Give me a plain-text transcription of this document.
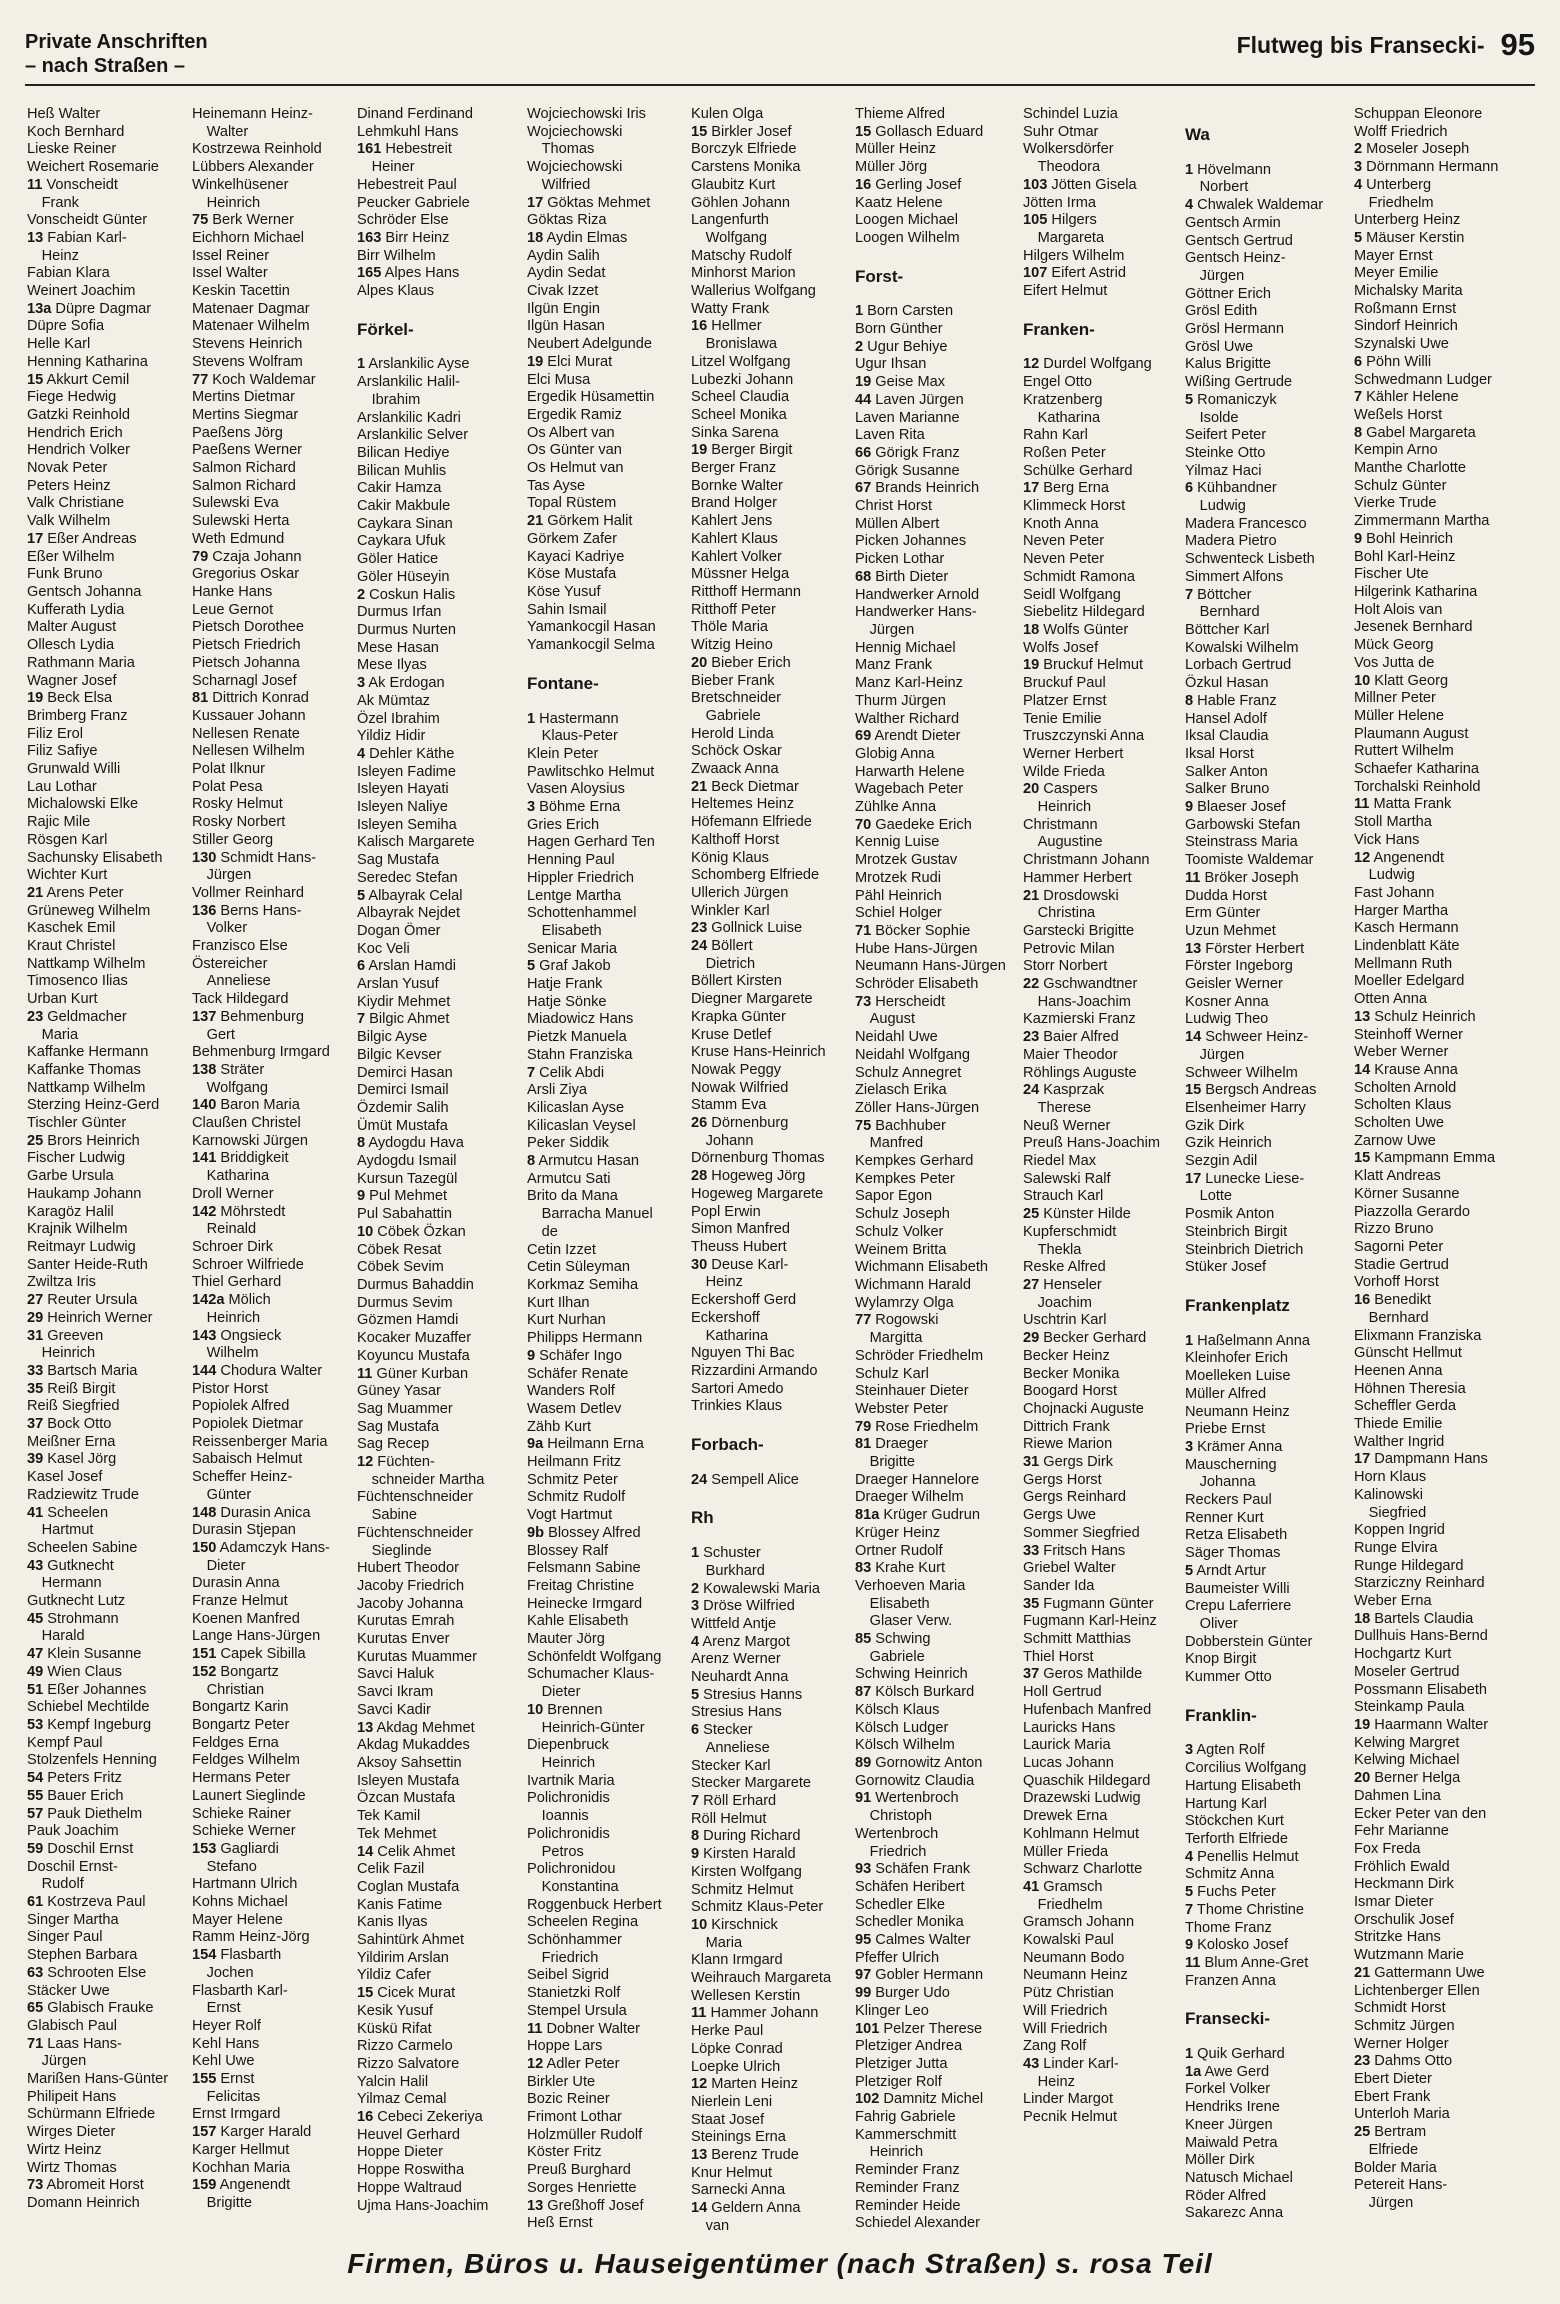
Private Anschriften
– nach Straßen –
Flutweg bis Fransecki- 95
Heß Walter
Koch Bernhard
Lieske Reiner
Weichert Rosemarie
11 Vonscheidt
 Frank
Vonscheidt Günter
13 Fabian Karl-
 Heinz
Fabian Klara
Weinert Joachim
13a Düpre Dagmar
Düpre Sofia
Helle Karl
Henning Katharina
15 Akkurt Cemil
Fiege Hedwig
Gatzki Reinhold
Hendrich Erich
Hendrich Volker
Novak Peter
Peters Heinz
Valk Christiane
Valk Wilhelm
17 Eßer Andreas
Eßer Wilhelm
Funk Bruno
Gentsch Johanna
Kufferath Lydia
Malter August
Ollesch Lydia
Rathmann Maria
Wagner Josef
19 Beck Elsa
Brimberg Franz
Filiz Erol
Filiz Safiye
Grunwald Willi
Lau Lothar
Michalowski Elke
Rajic Mile
Rösgen Karl
Sachunsky Elisabeth
Wichter Kurt
21 Arens Peter
Grüneweg Wilhelm
Kaschek Emil
Kraut Christel
Nattkamp Wilhelm
Timosenco Ilias
Urban Kurt
23 Geldmacher
 Maria
Kaffanke Hermann
Kaffanke Thomas
Nattkamp Wilhelm
Sterzing Heinz-Gerd
Tischler Günter
25 Brors Heinrich
Fischer Ludwig
Garbe Ursula
Haukamp Johann
Karagöz Halil
Krajnik Wilhelm
Reitmayr Ludwig
Santer Heide-Ruth
Zwiltza Iris
27 Reuter Ursula
29 Heinrich Werner
31 Greeven
 Heinrich
33 Bartsch Maria
35 Reiß Birgit
Reiß Siegfried
37 Bock Otto
Meißner Erna
39 Kasel Jörg
Kasel Josef
Radziewitz Trude
41 Scheelen
 Hartmut
Scheelen Sabine
43 Gutknecht
 Hermann
Gutknecht Lutz
45 Strohmann
 Harald
47 Klein Susanne
49 Wien Claus
51 Eßer Johannes
Schiebel Mechtilde
53 Kempf Ingeburg
Kempf Paul
Stolzenfels Henning
54 Peters Fritz
55 Bauer Erich
57 Pauk Diethelm
Pauk Joachim
59 Doschil Ernst
Doschil Ernst-
 Rudolf
61 Kostrzeva Paul
Singer Martha
Singer Paul
Stephen Barbara
63 Schrooten Else
Stäcker Uwe
65 Glabisch Frauke
Glabisch Paul
71 Laas Hans-
 Jürgen
Marißen Hans-Günter
Philipeit Hans
Schürmann Elfriede
Wirges Dieter
Wirtz Heinz
Wirtz Thomas
73 Abromeit Horst
Domann Heinrich
Heinemann Heinz-
 Walter
Kostrzewa Reinhold
Lübbers Alexander
Winkelhüsener
 Heinrich
75 Berk Werner
Eichhorn Michael
Issel Reiner
Issel Walter
Keskin Tacettin
Matenaer Dagmar
Matenaer Wilhelm
Stevens Heinrich
Stevens Wolfram
77 Koch Waldemar
Mertins Dietmar
Mertins Siegmar
Paeßens Jörg
Paeßens Werner
Salmon Richard
Salmon Richard
Sulewski Eva
Sulewski Herta
Weth Edmund
79 Czaja Johann
Gregorius Oskar
Hanke Hans
Leue Gernot
Pietsch Dorothee
Pietsch Friedrich
Pietsch Johanna
Scharnagl Josef
81 Dittrich Konrad
Kussauer Johann
Nellesen Renate
Nellesen Wilhelm
Polat Ilknur
Polat Pesa
Rosky Helmut
Rosky Norbert
Stiller Georg
130 Schmidt Hans-
 Jürgen
Vollmer Reinhard
136 Berns Hans-
 Volker
Franzisco Else
Östereicher
 Anneliese
Tack Hildegard
137 Behmenburg
 Gert
Behmenburg Irmgard
138 Sträter
 Wolfgang
140 Baron Maria
Claußen Christel
Karnowski Jürgen
141 Briddigkeit
 Katharina
Droll Werner
142 Möhrstedt
 Reinald
Schroer Dirk
Schroer Wilfriede
Thiel Gerhard
142a Mölich
 Heinrich
143 Ongsieck
 Wilhelm
144 Chodura Walter
Pistor Horst
Popiolek Alfred
Popiolek Dietmar
Reissenberger Maria
Sabaisch Helmut
Scheffer Heinz-
 Günter
148 Durasin Anica
Durasin Stjepan
150 Adamczyk Hans-
 Dieter
Durasin Anna
Franze Helmut
Koenen Manfred
Lange Hans-Jürgen
151 Capek Sibilla
152 Bongartz
 Christian
Bongartz Karin
Bongartz Peter
Feldges Erna
Feldges Wilhelm
Hermans Peter
Launert Sieglinde
Schieke Rainer
Schieke Werner
153 Gagliardi
 Stefano
Hartmann Ulrich
Kohns Michael
Mayer Helene
Ramm Heinz-Jörg
154 Flasbarth
 Jochen
Flasbarth Karl-
 Ernst
Heyer Rolf
Kehl Hans
Kehl Uwe
155 Ernst
 Felicitas
Ernst Irmgard
157 Karger Harald
Karger Hellmut
Kochhan Maria
159 Angenendt
 Brigitte
Dinand Ferdinand
Lehmkuhl Hans
161 Hebestreit
 Heiner
Hebestreit Paul
Peucker Gabriele
Schröder Else
163 Birr Heinz
Birr Wilhelm
165 Alpes Hans
Alpes Klaus
Förkel-
1 Arslankilic Ayse
Arslankilic Halil-
 Ibrahim
Arslankilic Kadri
Arslankilic Selver
Bilican Hediye
Bilican Muhlis
Cakir Hamza
Cakir Makbule
Caykara Sinan
Caykara Ufuk
Göler Hatice
Göler Hüseyin
2 Coskun Halis
Durmus Irfan
Durmus Nurten
Mese Hasan
Mese Ilyas
3 Ak Erdogan
Ak Mümtaz
Özel Ibrahim
Yildiz Hidir
4 Dehler Käthe
Isleyen Fadime
Isleyen Hayati
Isleyen Naliye
Isleyen Semiha
Kalisch Margarete
Sag Mustafa
Seredec Stefan
5 Albayrak Celal
Albayrak Nejdet
Dogan Ömer
Koc Veli
6 Arslan Hamdi
Arslan Yusuf
Kiydir Mehmet
7 Bilgic Ahmet
Bilgic Ayse
Bilgic Kevser
Demirci Hasan
Demirci Ismail
Özdemir Salih
Ümüt Mustafa
8 Aydogdu Hava
Aydogdu Ismail
Kursun Tazegül
9 Pul Mehmet
Pul Sabahattin
10 Cöbek Özkan
Cöbek Resat
Cöbek Sevim
Durmus Bahaddin
Durmus Sevim
Gözmen Hamdi
Kocaker Muzaffer
Koyuncu Mustafa
11 Güner Kurban
Güney Yasar
Sag Muammer
Sag Mustafa
Sag Recep
12 Füchten-
 schneider Martha
Füchtenschneider
 Sabine
Füchtenschneider
 Sieglinde
Hubert Theodor
Jacoby Friedrich
Jacoby Johanna
Kurutas Emrah
Kurutas Enver
Kurutas Muammer
Savci Haluk
Savci Ikram
Savci Kadir
13 Akdag Mehmet
Akdag Mukaddes
Aksoy Sahsettin
Isleyen Mustafa
Özcan Mustafa
Tek Kamil
Tek Mehmet
14 Celik Ahmet
Celik Fazil
Coglan Mustafa
Kanis Fatime
Kanis Ilyas
Sahintürk Ahmet
Yildirim Arslan
Yildiz Cafer
15 Cicek Murat
Kesik Yusuf
Küskü Rifat
Rizzo Carmelo
Rizzo Salvatore
Yalcin Halil
Yilmaz Cemal
16 Cebeci Zekeriya
Heuvel Gerhard
Hoppe Dieter
Hoppe Roswitha
Hoppe Waltraud
Ujma Hans-Joachim
Wojciechowski Iris
Wojciechowski
 Thomas
Wojciechowski
 Wilfried
17 Göktas Mehmet
Göktas Riza
18 Aydin Elmas
Aydin Salih
Aydin Sedat
Civak Izzet
Ilgün Engin
Ilgün Hasan
Neubert Adelgunde
19 Elci Murat
Elci Musa
Ergedik Hüsamettin
Ergedik Ramiz
Os Albert van
Os Günter van
Os Helmut van
Tas Ayse
Topal Rüstem
21 Görkem Halit
Görkem Zafer
Kayaci Kadriye
Köse Mustafa
Köse Yusuf
Sahin Ismail
Yamankocgil Hasan
Yamankocgil Selma
Fontane-
1 Hastermann
 Klaus-Peter
Klein Peter
Pawlitschko Helmut
Vasen Aloysius
3 Böhme Erna
Gries Erich
Hagen Gerhard Ten
Henning Paul
Hippler Friedrich
Lentge Martha
Schottenhammel
 Elisabeth
Senicar Maria
5 Graf Jakob
Hatje Frank
Hatje Sönke
Miadowicz Hans
Pietzk Manuela
Stahn Franziska
7 Celik Abdi
Arsli Ziya
Kilicaslan Ayse
Kilicaslan Veysel
Peker Siddik
8 Armutcu Hasan
Armutcu Sati
Brito da Mana
 Barracha Manuel
 de
Cetin Izzet
Cetin Süleyman
Korkmaz Semiha
Kurt Ilhan
Kurt Nurhan
Philipps Hermann
9 Schäfer Ingo
Schäfer Renate
Wanders Rolf
Wasem Detlev
Zähb Kurt
9a Heilmann Erna
Heilmann Fritz
Schmitz Peter
Schmitz Rudolf
Vogt Hartmut
9b Blossey Alfred
Blossey Ralf
Felsmann Sabine
Freitag Christine
Heinecke Irmgard
Kahle Elisabeth
Mauter Jörg
Schönfeldt Wolfgang
Schumacher Klaus-
 Dieter
10 Brennen
 Heinrich-Günter
Diepenbruck
 Heinrich
Ivartnik Maria
Polichronidis
 Ioannis
Polichronidis
 Petros
Polichronidou
 Konstantina
Roggenbuck Herbert
Scheelen Regina
Schönhammer
 Friedrich
Seibel Sigrid
Stanietzki Rolf
Stempel Ursula
11 Dobner Walter
Hoppe Lars
12 Adler Peter
Birkler Ute
Bozic Reiner
Frimont Lothar
Holzmüller Rudolf
Köster Fritz
Preuß Burghard
Sorges Henriette
13 Greßhoff Josef
Heß Ernst
Kulen Olga
15 Birkler Josef
Borczyk Elfriede
Carstens Monika
Glaubitz Kurt
Göhlen Johann
Langenfurth
 Wolfgang
Matschy Rudolf
Minhorst Marion
Wallerius Wolfgang
Watty Frank
16 Hellmer
 Bronislawa
Litzel Wolfgang
Lubezki Johann
Scheel Claudia
Scheel Monika
Sinka Sarena
19 Berger Birgit
Berger Franz
Bornke Walter
Brand Holger
Kahlert Jens
Kahlert Klaus
Kahlert Volker
Müssner Helga
Ritthoff Hermann
Ritthoff Peter
Thöle Maria
Witzig Heino
20 Bieber Erich
Bieber Frank
Bretschneider
 Gabriele
Herold Linda
Schöck Oskar
Zwaack Anna
21 Beck Dietmar
Heltemes Heinz
Höfemann Elfriede
Kalthoff Horst
König Klaus
Schomberg Elfriede
Ullerich Jürgen
Winkler Karl
23 Gollnick Luise
24 Böllert
 Dietrich
Böllert Kirsten
Diegner Margarete
Krapka Günter
Kruse Detlef
Kruse Hans-Heinrich
Nowak Peggy
Nowak Wilfried
Stamm Eva
26 Dörnenburg
 Johann
Dörnenburg Thomas
28 Hogeweg Jörg
Hogeweg Margarete
Popl Erwin
Simon Manfred
Theuss Hubert
30 Deuse Karl-
 Heinz
Eckershoff Gerd
Eckershoff
 Katharina
Nguyen Thi Bac
Rizzardini Armando
Sartori Amedo
Trinkies Klaus
Forbach-
24 Sempell Alice
Rh
1 Schuster
 Burkhard
2 Kowalewski Maria
3 Dröse Wilfried
Wittfeld Antje
4 Arenz Margot
Arenz Werner
Neuhardt Anna
5 Stresius Hanns
Stresius Hans
6 Stecker
 Anneliese
Stecker Karl
Stecker Margarete
7 Röll Erhard
Röll Helmut
8 During Richard
9 Kirsten Harald
Kirsten Wolfgang
Schmitz Helmut
Schmitz Klaus-Peter
10 Kirschnick
 Maria
Klann Irmgard
Weihrauch Margareta
Wellesen Kerstin
11 Hammer Johann
Herke Paul
Löpke Conrad
Loepke Ulrich
12 Marten Heinz
Nierlein Leni
Staat Josef
Steinings Erna
13 Berenz Trude
Knur Helmut
Sarnecki Anna
14 Geldern Anna
 van
Thieme Alfred
15 Gollasch Eduard
Müller Heinz
Müller Jörg
16 Gerling Josef
Kaatz Helene
Loogen Michael
Loogen Wilhelm
Forst-
1 Born Carsten
Born Günther
2 Ugur Behiye
Ugur Ihsan
19 Geise Max
44 Laven Jürgen
Laven Marianne
Laven Rita
66 Görigk Franz
Görigk Susanne
67 Brands Heinrich
Christ Horst
Müllen Albert
Picken Johannes
Picken Lothar
68 Birth Dieter
Handwerker Arnold
Handwerker Hans-
 Jürgen
Hennig Michael
Manz Frank
Manz Karl-Heinz
Thurm Jürgen
Walther Richard
69 Arendt Dieter
Globig Anna
Harwarth Helene
Wagebach Peter
Zühlke Anna
70 Gaedeke Erich
Kennig Luise
Mrotzek Gustav
Mrotzek Rudi
Pähl Heinrich
Schiel Holger
71 Böcker Sophie
Hube Hans-Jürgen
Neumann Hans-Jürgen
Schröder Elisabeth
73 Herscheidt
 August
Neidahl Uwe
Neidahl Wolfgang
Schulz Annegret
Zielasch Erika
Zöller Hans-Jürgen
75 Bachhuber
 Manfred
Kempkes Gerhard
Kempkes Peter
Sapor Egon
Schulz Joseph
Schulz Volker
Weinem Britta
Wichmann Elisabeth
Wichmann Harald
Wylamrzy Olga
77 Rogowski
 Margitta
Schröder Friedhelm
Schulz Karl
Steinhauer Dieter
Webster Peter
79 Rose Friedhelm
81 Draeger
 Brigitte
Draeger Hannelore
Draeger Wilhelm
81a Krüger Gudrun
Krüger Heinz
Ortner Rudolf
83 Krahe Kurt
Verhoeven Maria
 Elisabeth
 Glaser Verw.
85 Schwing
 Gabriele
Schwing Heinrich
87 Kölsch Burkard
Kölsch Klaus
Kölsch Ludger
Kölsch Wilhelm
89 Gornowitz Anton
Gornowitz Claudia
91 Wertenbroch
 Christoph
Wertenbroch
 Friedrich
93 Schäfen Frank
Schäfen Heribert
Schedler Elke
Schedler Monika
95 Calmes Walter
Pfeffer Ulrich
97 Gobler Hermann
99 Burger Udo
Klinger Leo
101 Pelzer Therese
Pletziger Andrea
Pletziger Jutta
Pletziger Rolf
102 Damnitz Michel
Fahrig Gabriele
Kammerschmitt
 Heinrich
Reminder Franz
Reminder Franz
Reminder Heide
Schiedel Alexander
Schindel Luzia
Suhr Otmar
Wolkersdörfer
 Theodora
103 Jötten Gisela
Jötten Irma
105 Hilgers
 Margareta
Hilgers Wilhelm
107 Eifert Astrid
Eifert Helmut
Franken-
12 Durdel Wolfgang
Engel Otto
Kratzenberg
 Katharina
Rahn Karl
Roßen Peter
Schülke Gerhard
17 Berg Erna
Klimmeck Horst
Knoth Anna
Neven Peter
Neven Peter
Schmidt Ramona
Seidl Wolfgang
Siebelitz Hildegard
18 Wolfs Günter
Wolfs Josef
19 Bruckuf Helmut
Bruckuf Paul
Platzer Ernst
Tenie Emilie
Truszczynski Anna
Werner Herbert
Wilde Frieda
20 Caspers
 Heinrich
Christmann
 Augustine
Christmann Johann
Hammer Herbert
21 Drosdowski
 Christina
Garstecki Brigitte
Petrovic Milan
Storr Norbert
22 Gschwandtner
 Hans-Joachim
Kazmierski Franz
23 Baier Alfred
Maier Theodor
Röhlings Auguste
24 Kasprzak
 Therese
Neuß Werner
Preuß Hans-Joachim
Riedel Max
Salewski Ralf
Strauch Karl
25 Künster Hilde
Kupferschmidt
 Thekla
Reske Alfred
27 Henseler
 Joachim
Uschtrin Karl
29 Becker Gerhard
Becker Heinz
Becker Monika
Boogard Horst
Chojnacki Auguste
Dittrich Frank
Riewe Marion
31 Gergs Dirk
Gergs Horst
Gergs Reinhard
Gergs Uwe
Sommer Siegfried
33 Fritsch Hans
Griebel Walter
Sander Ida
35 Fugmann Günter
Fugmann Karl-Heinz
Schmitt Matthias
Thiel Horst
37 Geros Mathilde
Holl Gertrud
Hufenbach Manfred
Lauricks Hans
Laurick Maria
Lucas Johann
Quaschik Hildegard
Drazewski Ludwig
Drewek Erna
Kohlmann Helmut
Müller Frieda
Schwarz Charlotte
41 Gramsch
 Friedhelm
Gramsch Johann
Kowalski Paul
Neumann Bodo
Neumann Heinz
Pütz Christian
Will Friedrich
Will Friedrich
Zang Rolf
43 Linder Karl-
 Heinz
Linder Margot
Pecnik Helmut
Wa
1 Hövelmann
 Norbert
4 Chwalek Waldemar
Gentsch Armin
Gentsch Gertrud
Gentsch Heinz-
 Jürgen
Göttner Erich
Grösl Edith
Grösl Hermann
Grösl Uwe
Kalus Brigitte
Wißing Gertrude
5 Romaniczyk
 Isolde
Seifert Peter
Steinke Otto
Yilmaz Haci
6 Kühbandner
 Ludwig
Madera Francesco
Madera Pietro
Schwenteck Lisbeth
Simmert Alfons
7 Böttcher
 Bernhard
Böttcher Karl
Kowalski Wilhelm
Lorbach Gertrud
Özkul Hasan
8 Hable Franz
Hansel Adolf
Iksal Claudia
Iksal Horst
Salker Anton
Salker Bruno
9 Blaeser Josef
Garbowski Stefan
Steinstrass Maria
Toomiste Waldemar
11 Bröker Joseph
Dudda Horst
Erm Günter
Uzun Mehmet
13 Förster Herbert
Förster Ingeborg
Geisler Werner
Kosner Anna
Ludwig Theo
14 Schweer Heinz-
 Jürgen
Schweer Wilhelm
15 Bergsch Andreas
Elsenheimer Harry
Gzik Dirk
Gzik Heinrich
Sezgin Adil
17 Lunecke Liese-
 Lotte
Posmik Anton
Steinbrich Birgit
Steinbrich Dietrich
Stüker Josef
Frankenplatz
1 Haßelmann Anna
Kleinhofer Erich
Moelleken Luise
Müller Alfred
Neumann Heinz
Priebe Ernst
3 Krämer Anna
Mauscherning
 Johanna
Reckers Paul
Renner Kurt
Retza Elisabeth
Säger Thomas
5 Arndt Artur
Baumeister Willi
Crepu Laferriere
 Oliver
Dobberstein Günter
Knop Birgit
Kummer Otto
Franklin-
3 Agten Rolf
Corcilius Wolfgang
Hartung Elisabeth
Hartung Karl
Stöckchen Kurt
Terforth Elfriede
4 Penellis Helmut
Schmitz Anna
5 Fuchs Peter
7 Thome Christine
Thome Franz
9 Kolosko Josef
11 Blum Anne-Gret
Franzen Anna
Fransecki-
1 Quik Gerhard
1a Awe Gerd
Forkel Volker
Hendriks Irene
Kneer Jürgen
Maiwald Petra
Möller Dirk
Natusch Michael
Röder Alfred
Sakarezc Anna
Schuppan Eleonore
Wolff Friedrich
2 Moseler Joseph
3 Dörnmann Hermann
4 Unterberg
 Friedhelm
Unterberg Heinz
5 Mäuser Kerstin
Mayer Ernst
Meyer Emilie
Michalsky Marita
Roßmann Ernst
Sindorf Heinrich
Szynalski Uwe
6 Pöhn Willi
Schwedmann Ludger
7 Kähler Helene
Weßels Horst
8 Gabel Margareta
Kempin Arno
Manthe Charlotte
Schulz Günter
Vierke Trude
Zimmermann Martha
9 Bohl Heinrich
Bohl Karl-Heinz
Fischer Ute
Hilgerink Katharina
Holt Alois van
Jesenek Bernhard
Mück Georg
Vos Jutta de
10 Klatt Georg
Millner Peter
Müller Helene
Plaumann August
Ruttert Wilhelm
Schaefer Katharina
Torchalski Reinhold
11 Matta Frank
Stoll Martha
Vick Hans
12 Angenendt
 Ludwig
Fast Johann
Harger Martha
Kasch Hermann
Lindenblatt Käte
Mellmann Ruth
Moeller Edelgard
Otten Anna
13 Schulz Heinrich
Steinhoff Werner
Weber Werner
14 Krause Anna
Scholten Arnold
Scholten Klaus
Scholten Uwe
Zarnow Uwe
15 Kampmann Emma
Klatt Andreas
Körner Susanne
Piazzolla Gerardo
Rizzo Bruno
Sagorni Peter
Stadie Gertrud
Vorhoff Horst
16 Benedikt
 Bernhard
Elixmann Franziska
Günscht Hellmut
Heenen Anna
Höhnen Theresia
Scheffler Gerda
Thiede Emilie
Walther Ingrid
17 Dampmann Hans
Horn Klaus
Kalinowski
 Siegfried
Koppen Ingrid
Runge Elvira
Runge Hildegard
Starziczny Reinhard
Weber Erna
18 Bartels Claudia
Dullhuis Hans-Bernd
Hochgartz Kurt
Moseler Gertrud
Possmann Elisabeth
Steinkamp Paula
19 Haarmann Walter
Kelwing Margret
Kelwing Michael
20 Berner Helga
Dahmen Lina
Ecker Peter van den
Fehr Marianne
Fox Freda
Fröhlich Ewald
Heckmann Dirk
Ismar Dieter
Orschulik Josef
Stritzke Hans
Wutzmann Marie
21 Gattermann Uwe
Lichtenberger Ellen
Schmidt Horst
Schmitz Jürgen
Werner Holger
23 Dahms Otto
Ebert Dieter
Ebert Frank
Unterloh Maria
25 Bertram
 Elfriede
Bolder Maria
Petereit Hans-
 Jürgen
Firmen, Büros u. Hauseigentümer (nach Straßen) s. rosa Teil
